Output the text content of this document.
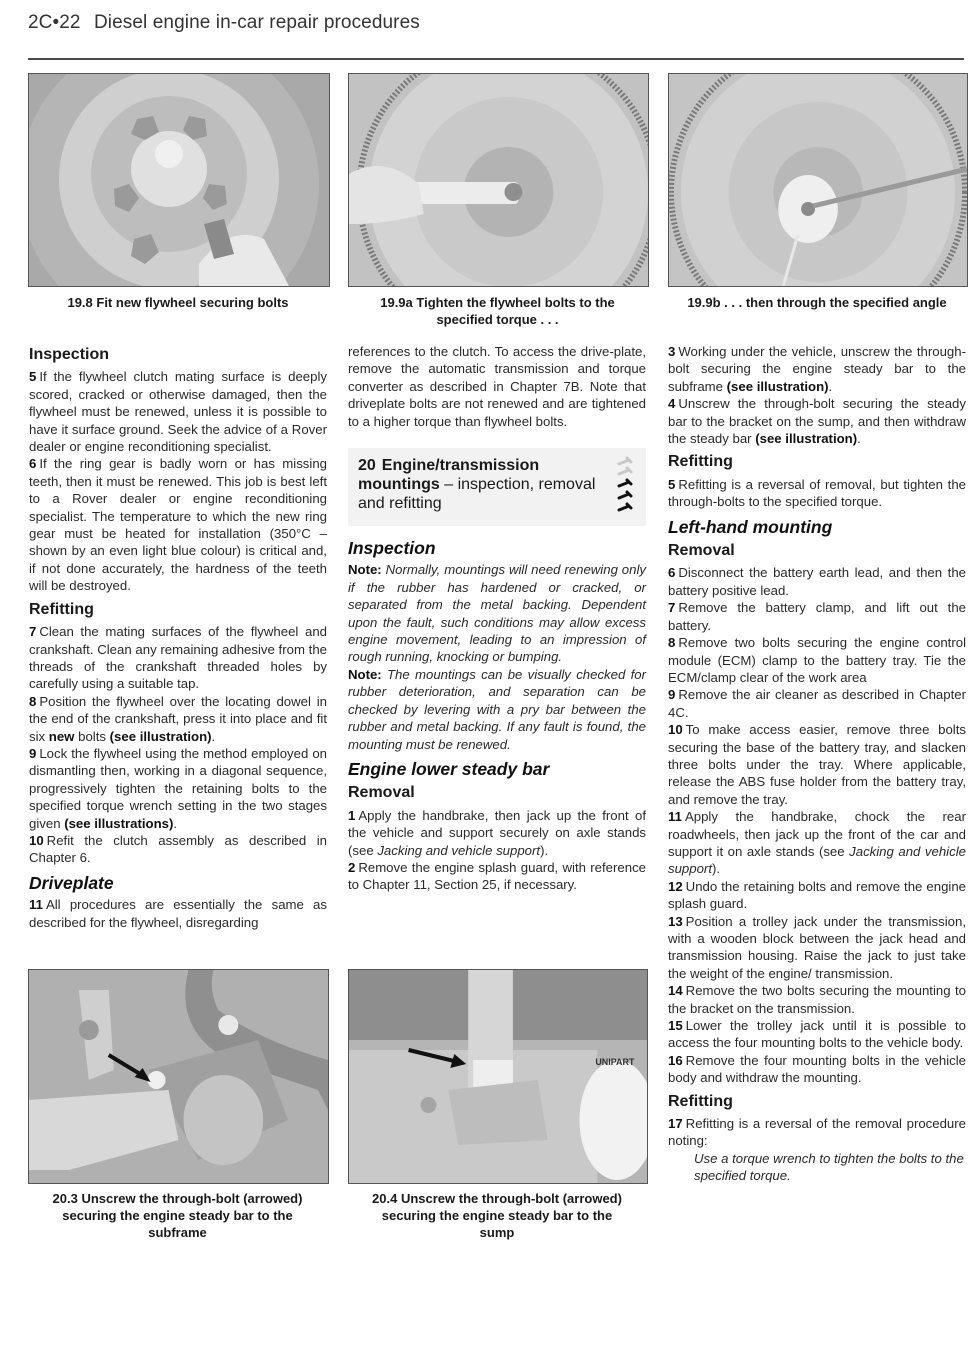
2C•22 Diesel engine in-car repair procedures
19.8 Fit new flywheel securing bolts	19.9a Tighten the flywheel bolts to the
specified torque . . .
19.9b . . . then through the specified angle
Inspection

5 If the flywheel clutch mating surface is deeply scored, cracked or otherwise damaged, then the flywheel must be renewed, unless it is possible to have it surface ground. Seek the advice of a Rover dealer or engine reconditioning specialist.

6 If the ring gear is badly worn or has missing teeth, then it must be renewed. This job is best left to a Rover dealer or engine reconditioning specialist. The temperature to which the new ring gear must be heated for installation (350°C – shown by an even light blue colour) is critical and, if not done accurately, the hardness of the teeth will be destroyed.

Refitting

7 Clean the mating surfaces of the flywheel and crankshaft. Clean any remaining adhesive from the threads of the crankshaft threaded holes by carefully using a suitable tap.

8 Position the flywheel over the locating dowel in the end of the crankshaft, press it into place and fit six new bolts (see illustration).

9 Lock the flywheel using the method employed on dismantling then, working in a diagonal sequence, progressively tighten the retaining bolts to the specified torque wrench setting in the two stages given (see illustrations).

10 Refit the clutch assembly as described in Chapter 6.

Driveplate

11 All procedures are essentially the same as described for the flywheel, disregarding

references to the clutch. To access the drive-plate, remove the automatic transmission and torque converter as described in Chapter 7B. Note that driveplate bolts are not renewed and are tightened to a higher torque than flywheel bolts.

20 Engine/transmission mountings – inspection, removal and refitting
Inspection

Note: Normally, mountings will need renewing only if the rubber has hardened or cracked, or separated from the metal backing. Dependent upon the fault, such conditions may allow excess engine movement, leading to an impression of rough running, knocking or bumping.

Note: The mountings can be visually checked for rubber deterioration, and separation can be checked by levering with a pry bar between the rubber and metal backing. If any fault is found, the mounting must be renewed.

Engine lower steady bar
Removal

1 Apply the handbrake, then jack up the front of the vehicle and support securely on axle stands (see Jacking and vehicle support).

2 Remove the engine splash guard, with reference to Chapter 11, Section 25, if necessary.

3 Working under the vehicle, unscrew the through-bolt securing the engine steady bar to the subframe (see illustration).

4 Unscrew the through-bolt securing the steady bar to the bracket on the sump, and then withdraw the steady bar (see illustration).

Refitting

5 Refitting is a reversal of removal, but tighten the through-bolts to the specified torque.

Left-hand mounting
Removal

6 Disconnect the battery earth lead, and then the battery positive lead.

7 Remove the battery clamp, and lift out the battery.

8 Remove two bolts securing the engine control module (ECM) clamp to the battery tray. Tie the ECM/clamp clear of the work area

9 Remove the air cleaner as described in Chapter 4C.

10 To make access easier, remove three bolts securing the base of the battery tray, and slacken three bolts under the tray. Where applicable, release the ABS fuse holder from the battery tray, and remove the tray.

11 Apply the handbrake, chock the rear roadwheels, then jack up the front of the car and support it on axle stands (see Jacking and vehicle support).

12 Undo the retaining bolts and remove the engine splash guard.

13 Position a trolley jack under the transmission, with a wooden block between the jack head and transmission housing. Raise the jack to just take the weight of the engine/ transmission.

14 Remove the two bolts securing the mounting to the bracket on the transmission.

15 Lower the trolley jack until it is possible to access the four mounting bolts to the vehicle body.

16 Remove the four mounting bolts in the vehicle body and withdraw the mounting.

Refitting

17 Refitting is a reversal of the removal procedure noting:

Use a torque wrench to tighten the bolts to the specified torque.

20.3 Unscrew the through-bolt (arrowed)
securing the engine steady bar to the
subframe
UNIPART
20.4 Unscrew the through-bolt (arrowed)
securing the engine steady bar to the
sump
